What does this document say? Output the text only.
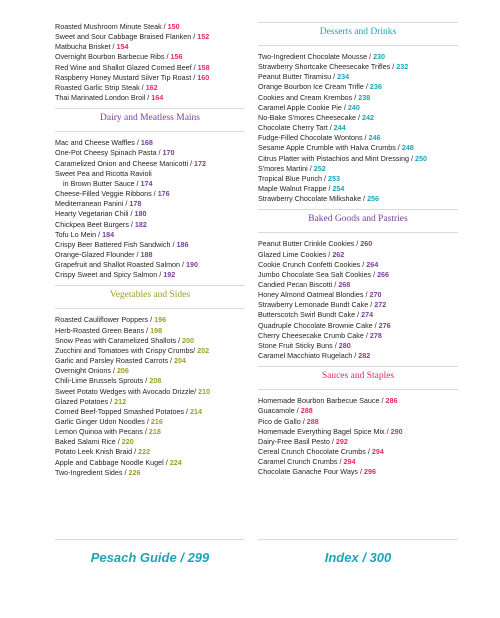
Roasted Mushroom Minute Steak / 150
Sweet and Sour Cabbage Braised Flanken / 152
Matbucha Brisket / 154
Overnight Bourbon Barbecue Ribs / 156
Red Wine and Shallot Glazed Corned Beef / 158
Raspberry Honey Mustard Silver Tip Roast / 160
Roasted Garlic Strip Steak / 162
Thai Marinated London Broil / 164
Dairy and Meatless Mains
Mac and Cheese Waffles / 168
One-Pot Cheesy Spinach Pasta / 170
Caramelized Onion and Cheese Manicotti / 172
Sweet Pea and Ricotta Ravioli
in Brown Butter Sauce / 174
Cheese-Filled Veggie Ribbons / 176
Mediterranean Panini / 178
Hearty Vegetarian Chili / 180
Chickpea Beet Burgers / 182
Tofu Lo Mein / 184
Crispy Beer Battered Fish Sandwich / 186
Orange-Glazed Flounder / 188
Grapefruit and Shallot Roasted Salmon / 190
Crispy Sweet and Spicy Salmon / 192
Vegetables and Sides
Roasted Cauliflower Poppers / 196
Herb-Roasted Green Beans / 198
Snow Peas with Caramelized Shallots / 200
Zucchini and Tomatoes with Crispy Crumbs/ 202
Garlic and Parsley Roasted Carrots / 204
Overnight Onions / 206
Chili-Lime Brussels Sprouts / 208
Sweet Potato Wedges with Avocado Drizzle/ 210
Glazed Potatoes / 212
Corned Beef-Topped Smashed Potatoes / 214
Garlic Ginger Udon Noodles / 216
Lemon Quinoa with Pecans / 218
Baked Salami Rice / 220
Potato Leek Knish Braid / 222
Apple and Cabbage Noodle Kugel / 224
Two-Ingredient Sides / 226
Desserts and Drinks
Two-Ingredient Chocolate Mousse / 230
Strawberry Shortcake Cheesecake Trifles / 232
Peanut Butter Tiramisu / 234
Orange Bourbon Ice Cream Trifle / 236
Cookies and Cream Krembos / 238
Caramel Apple Cookie Pie / 240
No-Bake S'mores Cheesecake / 242
Chocolate Cherry Tart / 244
Fudge-Filled Chocolate Wontons / 246
Sesame Apple Crumble with Halva Crumbs / 248
Citrus Platter with Pistachios and Mint Dressing / 250
S'mores Martini / 252
Tropical Blue Punch / 253
Maple Walnut Frappe / 254
Strawberry Chocolate Milkshake / 256
Baked Goods and Pastries
Peanut Butter Crinkle Cookies / 260
Glazed Lime Cookies / 262
Cookie Crunch Confetti Cookies / 264
Jumbo Chocolate Sea Salt Cookies / 266
Candied Pecan Biscotti / 268
Honey Almond Oatmeal Blondies / 270
Strawberry Lemonade Bundt Cake / 272
Butterscotch Swirl Bundt Cake / 274
Quadruple Chocolate Brownie Cake / 276
Cherry Cheesecake Crumb Cake / 278
Stone Fruit Sticky Buns / 280
Caramel Macchiato Rugelach / 282
Sauces and Staples
Homemade Bourbon Barbecue Sauce / 286
Guacamole / 288
Pico de Gallo / 288
Homemade Everything Bagel Spice Mix / 290
Dairy-Free Basil Pesto / 292
Cereal Crunch Chocolate Crumbs / 294
Caramel Crunch Crumbs / 294
Chocolate Ganache Four Ways / 296
Pesach Guide / 299	Index / 300
